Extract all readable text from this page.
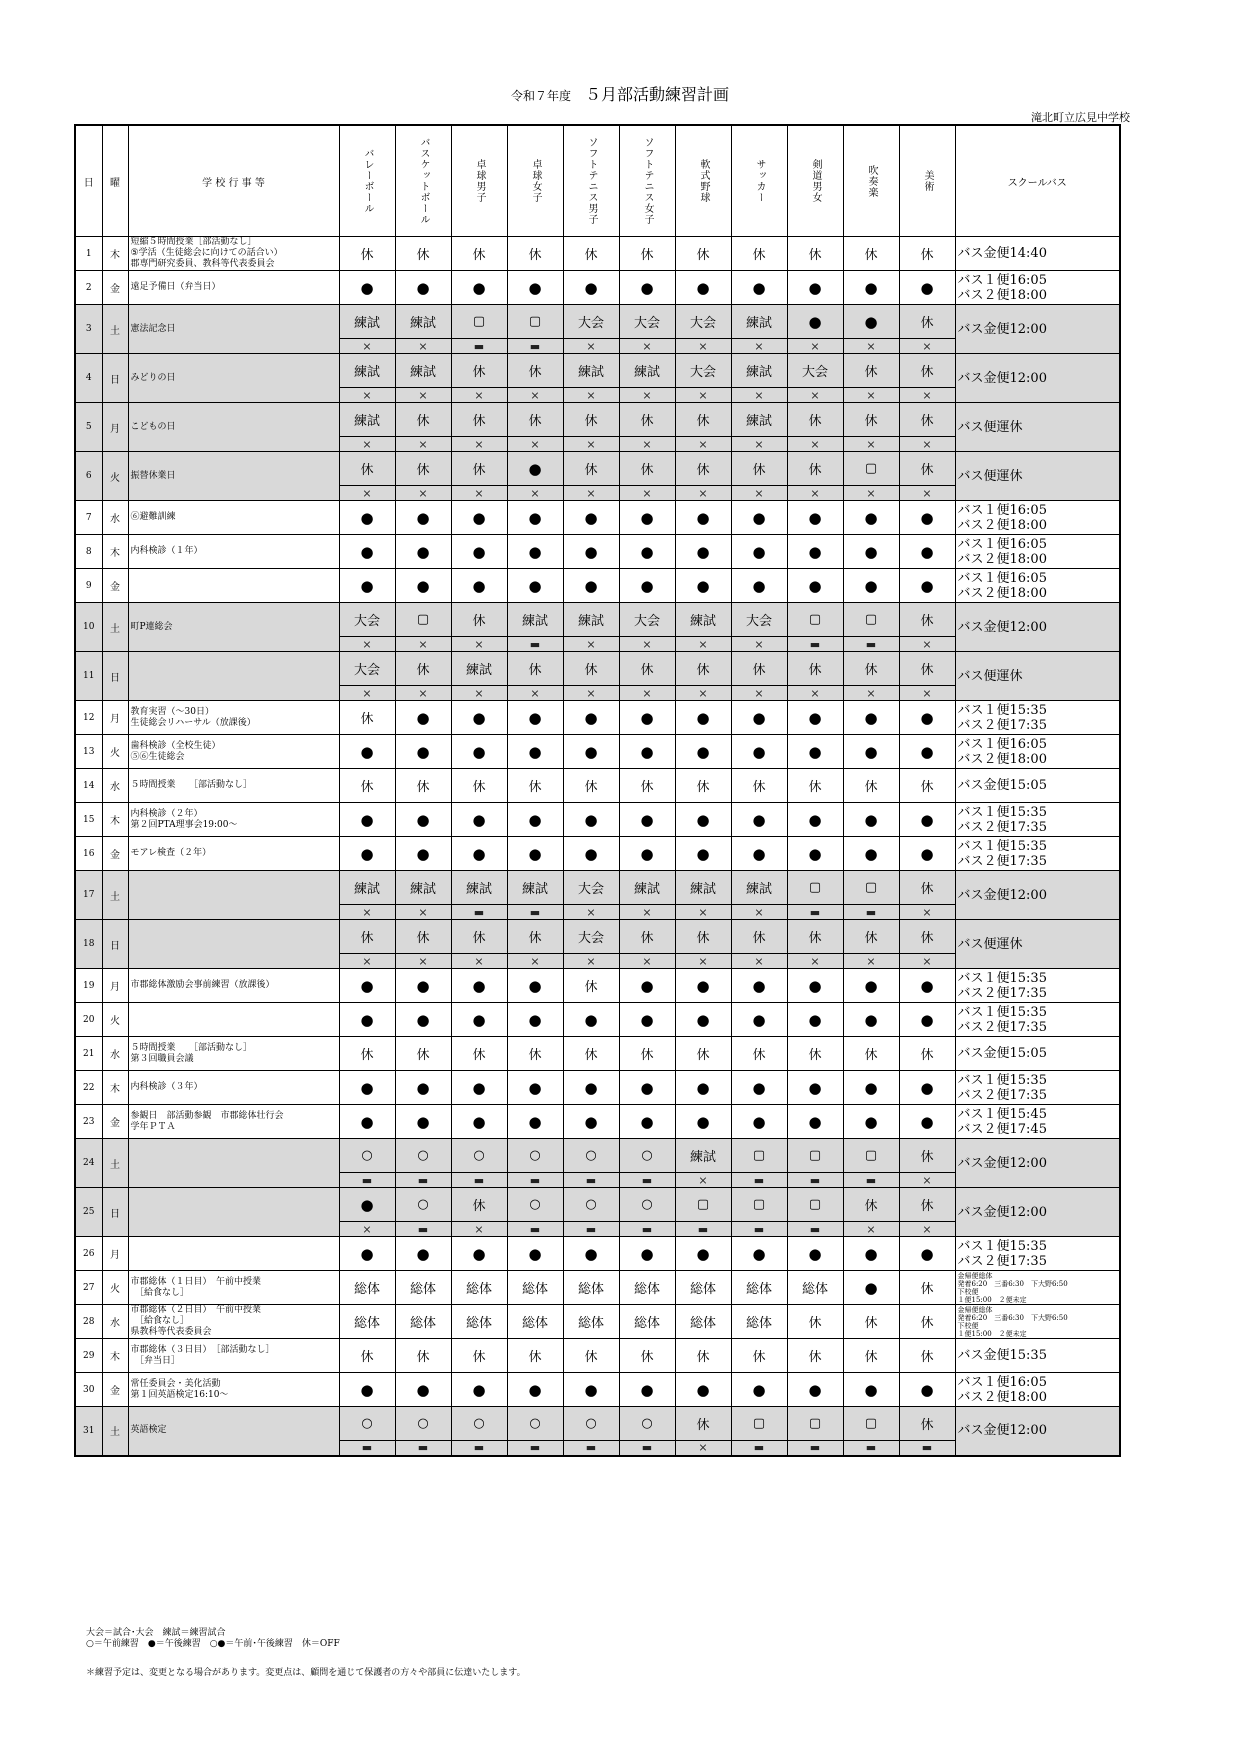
令和７年度 ５月部活動練習計画
滝北町立広見中学校
日	曜	学 校 行 事 等	バレーボール	バスケットボール	卓球男子	卓球女子	ソフトテニス男子	ソフトテニス女子	軟式野球	サッカー	剣道男女	吹奏楽	美術	スクールバス
1	木	短縮５時間授業［部活動なし］
⑤学活（生徒総会に向けての話合い）
郡専門研究委員、教科等代表委員会	休	休	休	休	休	休	休	休	休	休	休	バス金便14:40
2	金	遠足予備日（弁当日）	●	●	●	●	●	●	●	●	●	●	●	バス１便16:05
バス２便18:00
3	土	憲法記念日	練試	練試	▢	▢	大会	大会	大会	練試	●	●	休	バス金便12:00
			×	×	▬	▬	×	×	×	×	×	×	×	
4	日	みどりの日	練試	練試	休	休	練試	練試	大会	練試	大会	休	休	バス金便12:00
			×	×	×	×	×	×	×	×	×	×	×	
5	月	こどもの日	練試	休	休	休	休	休	休	練試	休	休	休	バス便運休
			×	×	×	×	×	×	×	×	×	×	×	
6	火	振替休業日	休	休	休	●	休	休	休	休	休	▢	休	バス便運休
			×	×	×	×	×	×	×	×	×	×	×	
7	水	⑥避難訓練	●	●	●	●	●	●	●	●	●	●	●	バス１便16:05
バス２便18:00
8	木	内科検診（１年）	●	●	●	●	●	●	●	●	●	●	●	バス１便16:05
バス２便18:00
9	金		●	●	●	●	●	●	●	●	●	●	●	バス１便16:05
バス２便18:00
10	土	町P連総会	大会	▢	休	練試	練試	大会	練試	大会	▢	▢	休	バス金便12:00
			×	×	×	▬	×	×	×	×	▬	▬	×	
11	日		大会	休	練試	休	休	休	休	休	休	休	休	バス便運休
			×	×	×	×	×	×	×	×	×	×	×	
12	月	教育実習（～30日）
生徒総会リハーサル（放課後）	休	●	●	●	●	●	●	●	●	●	●	バス１便15:35
バス２便17:35
13	火	歯科検診（全校生徒）
⑤⑥生徒総会	●	●	●	●	●	●	●	●	●	●	●	バス１便16:05
バス２便18:00
14	水	５時間授業　　［部活動なし］	休	休	休	休	休	休	休	休	休	休	休	バス金便15:05
15	木	内科検診（２年）
第２回PTA理事会19:00～	●	●	●	●	●	●	●	●	●	●	●	バス１便15:35
バス２便17:35
16	金	モアレ検査（２年）	●	●	●	●	●	●	●	●	●	●	●	バス１便15:35
バス２便17:35
17	土		練試	練試	練試	練試	大会	練試	練試	練試	▢	▢	休	バス金便12:00
			×	×	▬	▬	×	×	×	×	▬	▬	×	
18	日		休	休	休	休	大会	休	休	休	休	休	休	バス便運休
			×	×	×	×	×	×	×	×	×	×	×	
19	月	市郡総体激励会事前練習（放課後）	●	●	●	●	休	●	●	●	●	●	●	バス１便15:35
バス２便17:35
20	火		●	●	●	●	●	●	●	●	●	●	●	バス１便15:35
バス２便17:35
21	水	５時間授業　　［部活動なし］
第３回職員会議	休	休	休	休	休	休	休	休	休	休	休	バス金便15:05
22	木	内科検診（３年）	●	●	●	●	●	●	●	●	●	●	●	バス１便15:35
バス２便17:35
23	金	参観日　部活動参観　市郡総体壮行会
学年ＰＴＡ	●	●	●	●	●	●	●	●	●	●	●	バス１便15:45
バス２便17:45
24	土		○	○	○	○	○	○	練試	▢	▢	▢	休	バス金便12:00
			▬	▬	▬	▬	▬	▬	×	▬	▬	▬	×	
25	日		●	○	休	○	○	○	▢	▢	▢	休	休	バス金便12:00
			×	▬	×	▬	▬	▬	▬	▬	▬	×	×	
26	月		●	●	●	●	●	●	●	●	●	●	●	バス１便15:35
バス２便17:35
27	火	市郡総体（１日目）　午前中授業
　［給食なし］	総体	総体	総体	総体	総体	総体	総体	総体	総体	●	休	金帰便総体
発着6:20　三番6:30　下大野6:50
下校便
１便15:00　２便未定
28	水	市郡総体（２日目）　午前中授業
　［給食なし］
県教科等代表委員会	総体	総体	総体	総体	総体	総体	総体	総体	休	休	休	金帰便総体
発着6:20　三番6:30　下大野6:50
下校便
１便15:00　２便未定
29	木	市郡総体（３日目）　［部活動なし］
　［弁当日］	休	休	休	休	休	休	休	休	休	休	休	バス金便15:35
30	金	常任委員会・美化活動
第１回英語検定16:10～	●	●	●	●	●	●	●	●	●	●	●	バス１便16:05
バス２便18:00
31	土	英語検定	○	○	○	○	○	○	休	▢	▢	▢	休	バス金便12:00
			▬	▬	▬	▬	▬	▬	×	▬	▬	▬	▬	
大会＝試合･大会　練試＝練習試合
○＝午前練習　●＝午後練習　○●＝午前･午後練習　休＝OFF
＊練習予定は、変更となる場合があります。変更点は、顧問を通じて保護者の方々や部員に伝達いたします。
